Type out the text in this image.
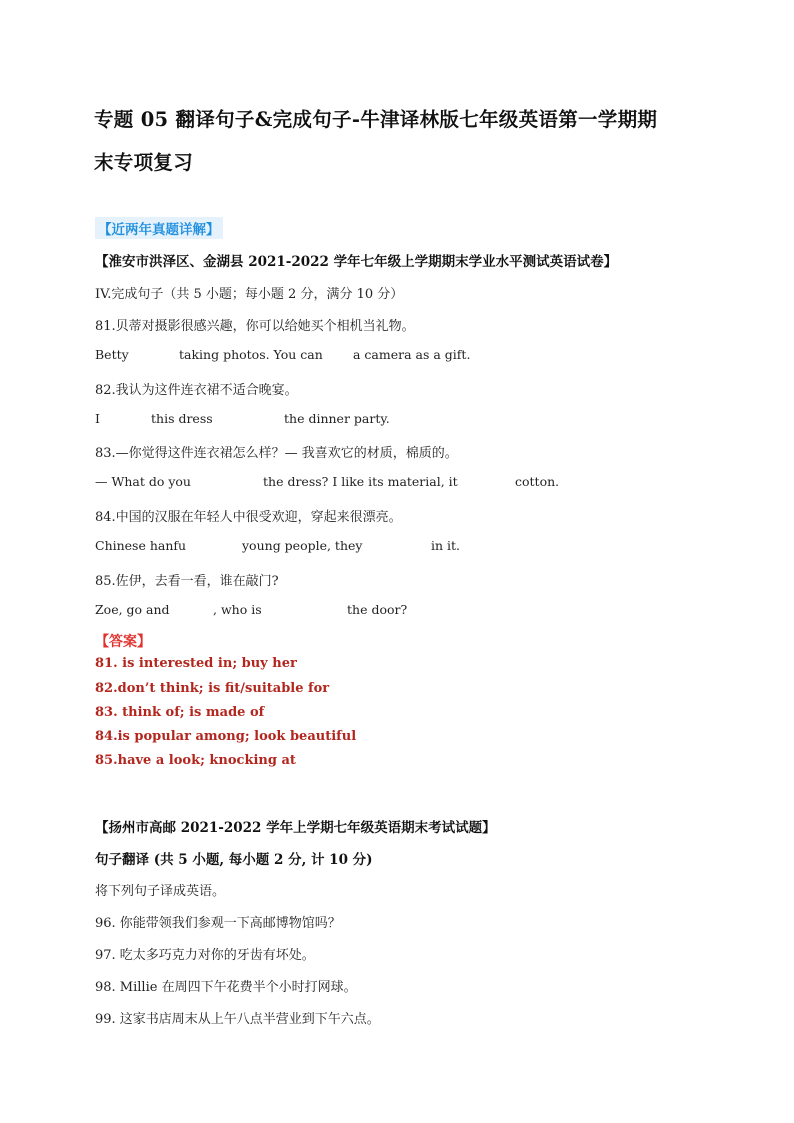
专题 05 翻译句子&完成句子-牛津译林版七年级英语第一学期期
末专项复习
【近两年真题详解】
【淮安市洪泽区、金湖县 2021-2022 学年七年级上学期期末学业水平测试英语试卷】
IV.完成句子（共 5 小题；每小题 2 分，满分 10 分）
81.贝蒂对摄影很感兴趣，你可以给她买个相机当礼物。
Betty	taking photos. You can a camera as a gift.
82.我认为这件连衣裙不适合晚宴。
I	this dress	the dinner party.
83.—你觉得这件连衣裙怎么样？— 我喜欢它的材质，棉质的。
— What do you	the dress? I like its material, it	cotton.
84.中国的汉服在年轻人中很受欢迎，穿起来很漂亮。
Chinese hanfu	young people, they	in it.
85.佐伊，去看一看，谁在敲门?
Zoe, go and	, who is	the door?
【答案】
81. is interested in; buy her
82.don’t think; is fit/suitable for
83. think of; is made of
84.is popular among; look beautiful
85.have a look; knocking at
【扬州市高邮 2021-2022 学年上学期七年级英语期末考试试题】
句子翻译 (共 5 小题, 每小题 2 分, 计 10 分)
将下列句子译成英语。
96. 你能带领我们参观一下高邮博物馆吗？
97. 吃太多巧克力对你的牙齿有坏处。
98. Millie 在周四下午花费半个小时打网球。
99. 这家书店周末从上午八点半营业到下午六点。
